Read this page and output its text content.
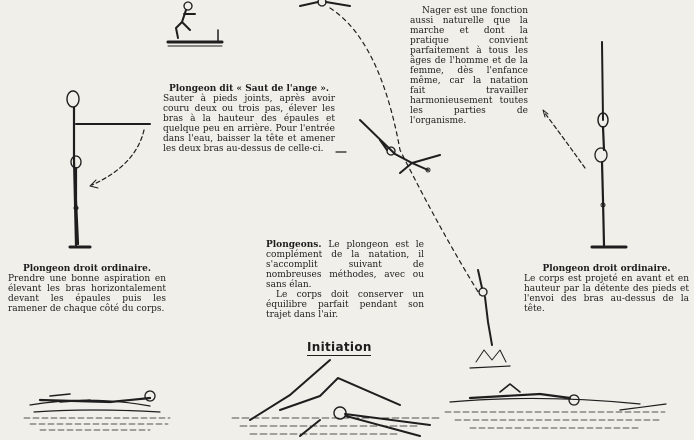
Nager est une fonction aussi naturelle que la marche et dont la pratique convient parfaitement à tous les âges de l'homme et de la femme, dès l'enfance même, car la natation fait travailler harmonieusement toutes les parties de l'organisme.

Plongeon dit « Saut de l'ange ».
Sauter à pieds joints, après avoir couru deux ou trois pas, élever les bras à la hauteur des épaules et quelque peu en arrière. Pour l'entrée dans l'eau, baisser la tête et amener les deux bras au-dessus de celle-ci.
Plongeons. Le plongeon est le complément de la natation, il s'accomplit suivant de nombreuses méthodes, avec ou sans élan.
Le corps doit conserver un équilibre parfait pendant son trajet dans l'air.
Plongeon droit ordinaire.
Prendre une bonne aspiration en élevant les bras horizontalement devant les épaules puis les ramener de chaque côté du corps.
Plongeon droit ordinaire.
Le corps est projeté en avant et en hauteur par la détente des pieds et l'envoi des bras au-dessus de la tête.
Initiation
